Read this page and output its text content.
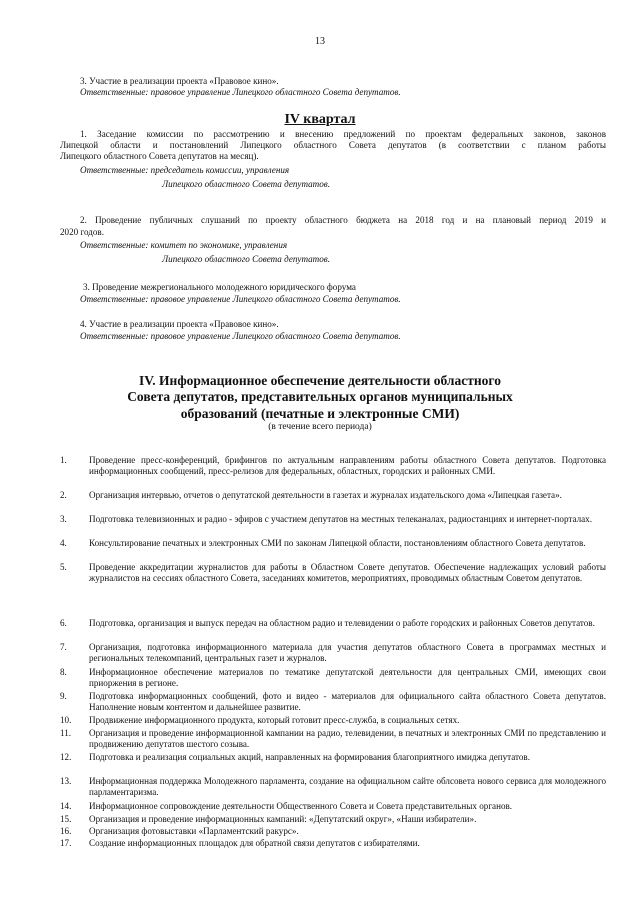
13
3. Участие в реализации проекта «Правовое кино».
Ответственные: правовое управление Липецкого областного Совета депутатов.
IV квартал
1. Заседание комиссии по рассмотрению и внесению предложений по проектам федеральных законов, законов
Липецкой области и постановлений Липецкого областного Совета депутатов (в соответствии с планом работы
Липецкого областного Совета депутатов на месяц).
Ответственные: председатель комиссии, управления
Липецкого областного Совета депутатов.
2. Проведение публичных слушаний по проекту областного бюджета на 2018 год и на плановый период 2019 и
2020 годов.
Ответственные: комитет по экономике, управления
Липецкого областного Совета депутатов.
3. Проведение межрегионального молодежного юридического форума
Ответственные: правовое управление Липецкого областного Совета депутатов.
4. Участие в реализации проекта «Правовое кино».
Ответственные: правовое управление Липецкого областного Совета депутатов.
IV. Информационное обеспечение деятельности областного
Совета депутатов, представительных органов муниципальных
образований (печатные и электронные СМИ)
(в течение всего периода)
1. Проведение пресс-конференций, брифингов по актуальным направлениям работы областного Совета депутатов. Подготовка информационных сообщений, пресс-релизов для федеральных, областных, городских и районных СМИ.
2. Организация интервью, отчетов о депутатской деятельности в газетах и журналах издательского дома «Липецкая газета».
3. Подготовка телевизионных и радио - эфиров с участием депутатов на местных телеканалах, радиостанциях и интернет-порталах.
4. Консультирование печатных и электронных СМИ по законам Липецкой области, постановлениям областного Совета депутатов.
5. Проведение аккредитации журналистов для работы в Областном Совете депутатов. Обеспечение надлежащих условий работы журналистов на сессиях областного Совета, заседаниях комитетов, мероприятиях, проводимых областным Советом депутатов.
6. Подготовка, организация и выпуск передач на областном радио и телевидении о работе городских и районных Советов депутатов.
7. Организация, подготовка информационного материала для участия депутатов областного Совета в программах местных и региональных телекомпаний, центральных газет и журналов.
8. Информационное обеспечение материалов по тематике депутатской деятельности для центральных СМИ, имеющих свои приоржения в регионе.
9. Подготовка информационных сообщений, фото и видео - материалов для официального сайта областного Совета депутатов. Наполнение новым контентом и дальнейшее развитие.
10. Продвижение информационного продукта, который готовит пресс-служба, в социальных сетях.
11. Организация и проведение информационной кампании на радио, телевидении, в печатных и электронных СМИ по представлению и продвижению депутатов шестого созыва.
12. Подготовка и реализация социальных акций, направленных на формирования благоприятного имиджа депутатов.
13. Информационная поддержка Молодежного парламента, создание на официальном сайте облсовета нового сервиса для молодежного парламентаризма.
14. Информационное сопровождение деятельности Общественного Совета и Совета представительных органов.
15. Организация и проведение информационных кампаний: «Депутатский округ», «Наши избиратели».
16. Организация фотовыставки «Парламентский ракурс».
17. Создание информационных площадок для обратной связи депутатов с избирателями.
